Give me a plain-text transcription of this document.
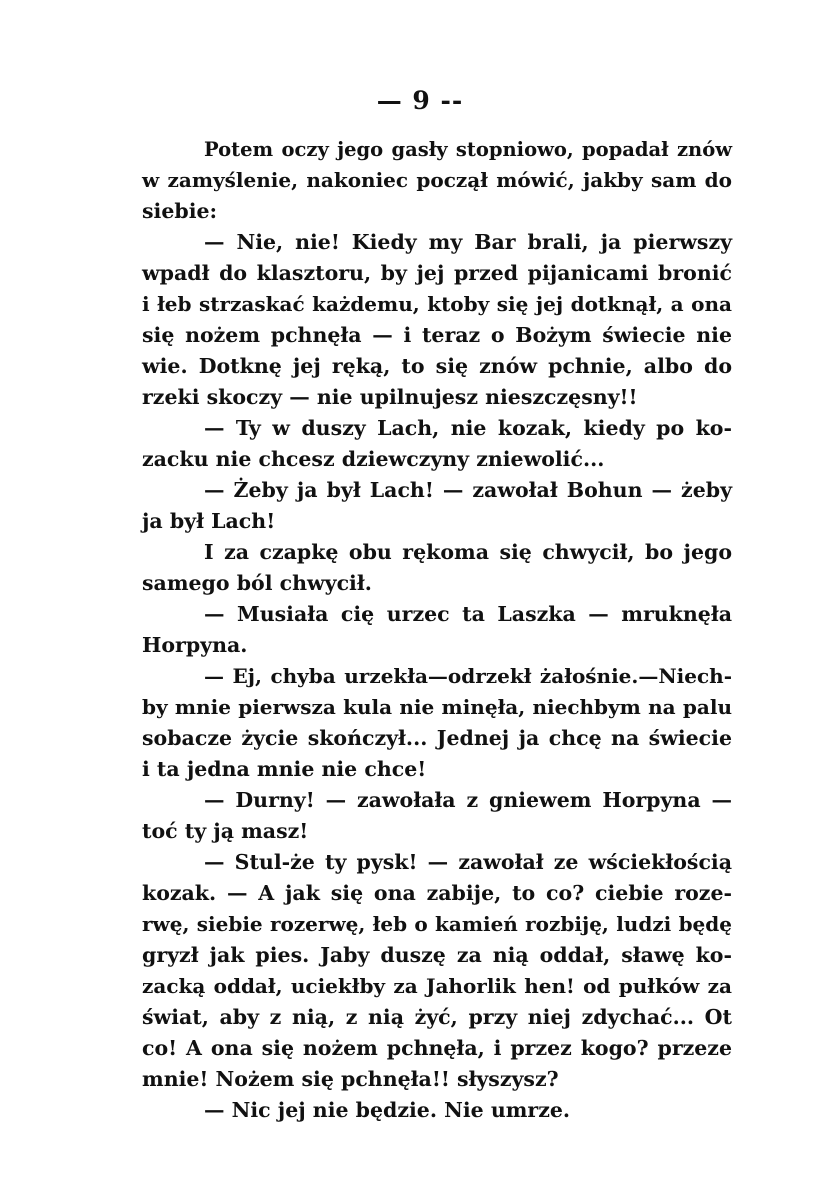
— 9 --
Potem oczy jego gasły stopniowo, popadał znów
w zamyślenie, nakoniec począł mówić, jakby sam do
siebie:
— Nie, nie! Kiedy my Bar brali, ja pierwszy
wpadł do klasztoru, by jej przed pijanicami bronić
i łeb strzaskać każdemu, ktoby się jej dotknął, a ona
się nożem pchnęła — i teraz o Bożym świecie nie
wie. Dotknę jej ręką, to się znów pchnie, albo do
rzeki skoczy — nie upilnujesz nieszczęsny!!
— Ty w duszy Lach, nie kozak, kiedy po ko-
zacku nie chcesz dziewczyny zniewolić...
— Żeby ja był Lach! — zawołał Bohun — żeby
ja był Lach!
I za czapkę obu rękoma się chwycił, bo jego
samego ból chwycił.
— Musiała cię urzec ta Laszka — mruknęła
Horpyna.
— Ej, chyba urzekła—odrzekł żałośnie.—Niech-
by mnie pierwsza kula nie minęła, niechbym na palu
sobacze życie skończył... Jednej ja chcę na świecie
i ta jedna mnie nie chce!
— Durny! — zawołała z gniewem Horpyna —
toć ty ją masz!
— Stul-że ty pysk! — zawołał ze wściekłością
kozak. — A jak się ona zabije, to co? ciebie roze-
rwę, siebie rozerwę, łeb o kamień rozbiję, ludzi będę
gryzł jak pies. Jaby duszę za nią oddał, sławę ko-
zacką oddał, uciekłby za Jahorlik hen! od pułków za
świat, aby z nią, z nią żyć, przy niej zdychać... Ot
co! A ona się nożem pchnęła, i przez kogo? przeze
mnie! Nożem się pchnęła!! słyszysz?
— Nic jej nie będzie. Nie umrze.
